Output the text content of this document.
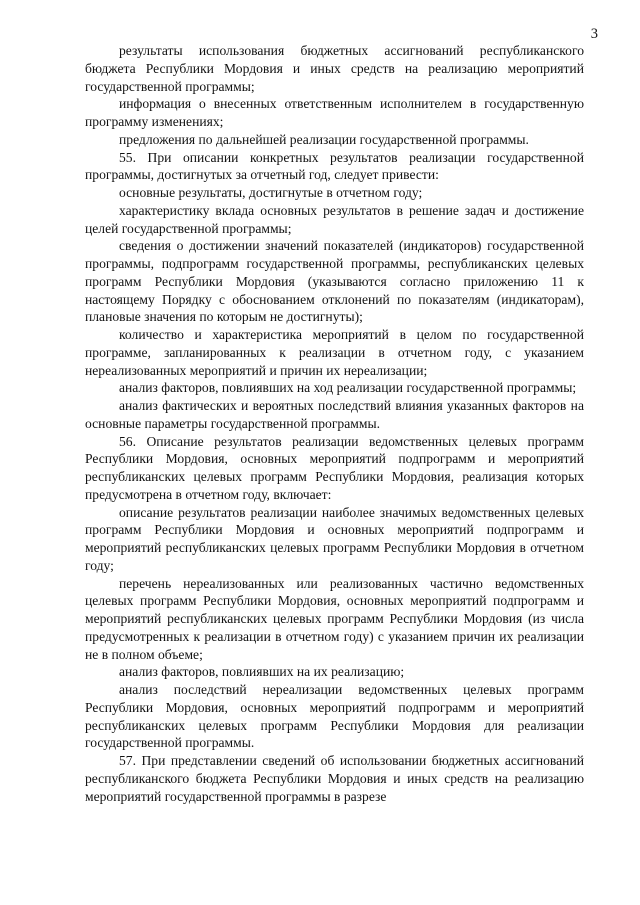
3

результаты использования бюджетных ассигнований республиканского бюджета Республики Мордовия и иных средств на реализацию мероприятий государственной программы;

информация о внесенных ответственным исполнителем в государственную программу изменениях;

предложения по дальнейшей реализации государственной программы.

55. При описании конкретных результатов реализации государственной программы, достигнутых за отчетный год, следует привести:

основные результаты, достигнутые в отчетном году;

характеристику вклада основных результатов в решение задач и достижение целей государственной программы;

сведения о достижении значений показателей (индикаторов) государственной программы, подпрограмм государственной программы, республиканских целевых программ Республики Мордовия (указываются согласно приложению 11 к настоящему Порядку с обоснованием отклонений по показателям (индикаторам), плановые значения по которым не достигнуты);

количество и характеристика мероприятий в целом по государственной программе, запланированных к реализации в отчетном году, с указанием нереализованных мероприятий и причин их нереализации;

анализ факторов, повлиявших на ход реализации государственной программы;

анализ фактических и вероятных последствий влияния указанных факторов на основные параметры государственной программы.

56. Описание результатов реализации ведомственных целевых программ Республики Мордовия, основных мероприятий подпрограмм и мероприятий республиканских целевых программ Республики Мордовия, реализация которых предусмотрена в отчетном году, включает:

описание результатов реализации наиболее значимых ведомственных целевых программ Республики Мордовия и основных мероприятий подпрограмм и мероприятий республиканских целевых программ Республики Мордовия в отчетном году;

перечень нереализованных или реализованных частично ведомственных целевых программ Республики Мордовия, основных мероприятий подпрограмм и мероприятий республиканских целевых программ Республики Мордовия (из числа предусмотренных к реализации в отчетном году) с указанием причин их реализации не в полном объеме;

анализ факторов, повлиявших на их реализацию;

анализ последствий нереализации ведомственных целевых программ Республики Мордовия, основных мероприятий подпрограмм и мероприятий республиканских целевых программ Республики Мордовия для реализации государственной программы.

57. При представлении сведений об использовании бюджетных ассигнований республиканского бюджета Республики Мордовия и иных средств на реализацию мероприятий государственной программы в разрезе
